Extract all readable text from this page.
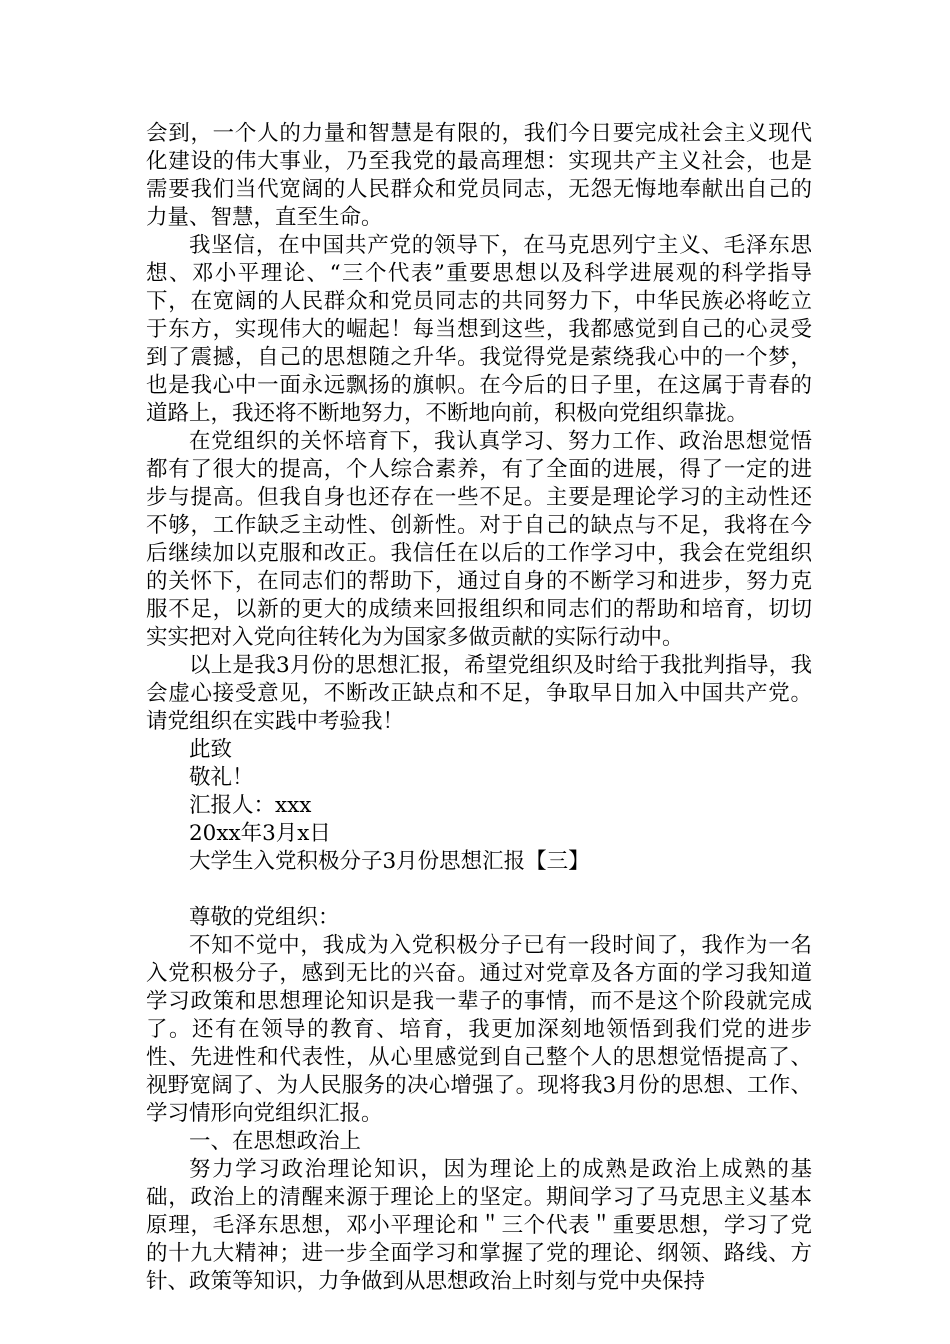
会到，一个人的力量和智慧是有限的，我们今日要完成社会主义现代化建设的伟大事业，乃至我党的最高理想：实现共产主义社会，也是需要我们当代宽阔的人民群众和党员同志，无怨无悔地奉献出自己的力量、智慧，直至生命。

我坚信，在中国共产党的领导下，在马克思列宁主义、毛泽东思想、邓小平理论、“三个代表”重要思想以及科学进展观的科学指导下，在宽阔的人民群众和党员同志的共同努力下，中华民族必将屹立于东方，实现伟大的崛起！每当想到这些，我都感觉到自己的心灵受到了震撼，自己的思想随之升华。我觉得党是萦绕我心中的一个梦，也是我心中一面永远飘扬的旗帜。在今后的日子里，在这属于青春的道路上，我还将不断地努力，不断地向前，积极向党组织靠拢。

在党组织的关怀培育下，我认真学习、努力工作、政治思想觉悟都有了很大的提高，个人综合素养，有了全面的进展，得了一定的进步与提高。但我自身也还存在一些不足。主要是理论学习的主动性还不够，工作缺乏主动性、创新性。对于自己的缺点与不足，我将在今后继续加以克服和改正。我信任在以后的工作学习中，我会在党组织的关怀下，在同志们的帮助下，通过自身的不断学习和进步，努力克服不足，以新的更大的成绩来回报组织和同志们的帮助和培育，切切实实把对入党向往转化为为国家多做贡献的实际行动中。

以上是我3月份的思想汇报，希望党组织及时给于我批判指导，我会虚心接受意见，不断改正缺点和不足，争取早日加入中国共产党。请党组织在实践中考验我！

此致

敬礼！

汇报人：xxx

20xx年3月x日

大学生入党积极分子3月份思想汇报【三】

尊敬的党组织：

不知不觉中，我成为入党积极分子已有一段时间了，我作为一名入党积极分子，感到无比的兴奋。通过对党章及各方面的学习我知道学习政策和思想理论知识是我一辈子的事情，而不是这个阶段就完成了。还有在领导的教育、培育，我更加深刻地领悟到我们党的进步性、先进性和代表性，从心里感觉到自己整个人的思想觉悟提高了、视野宽阔了、为人民服务的决心增强了。现将我3月份的思想、工作、学习情形向党组织汇报。

一、在思想政治上

努力学习政治理论知识，因为理论上的成熟是政治上成熟的基础，政治上的清醒来源于理论上的坚定。期间学习了马克思主义基本原理，毛泽东思想，邓小平理论和＂三个代表＂重要思想，学习了党的十九大精神；进一步全面学习和掌握了党的理论、纲领、路线、方针、政策等知识，力争做到从思想政治上时刻与党中央保持
